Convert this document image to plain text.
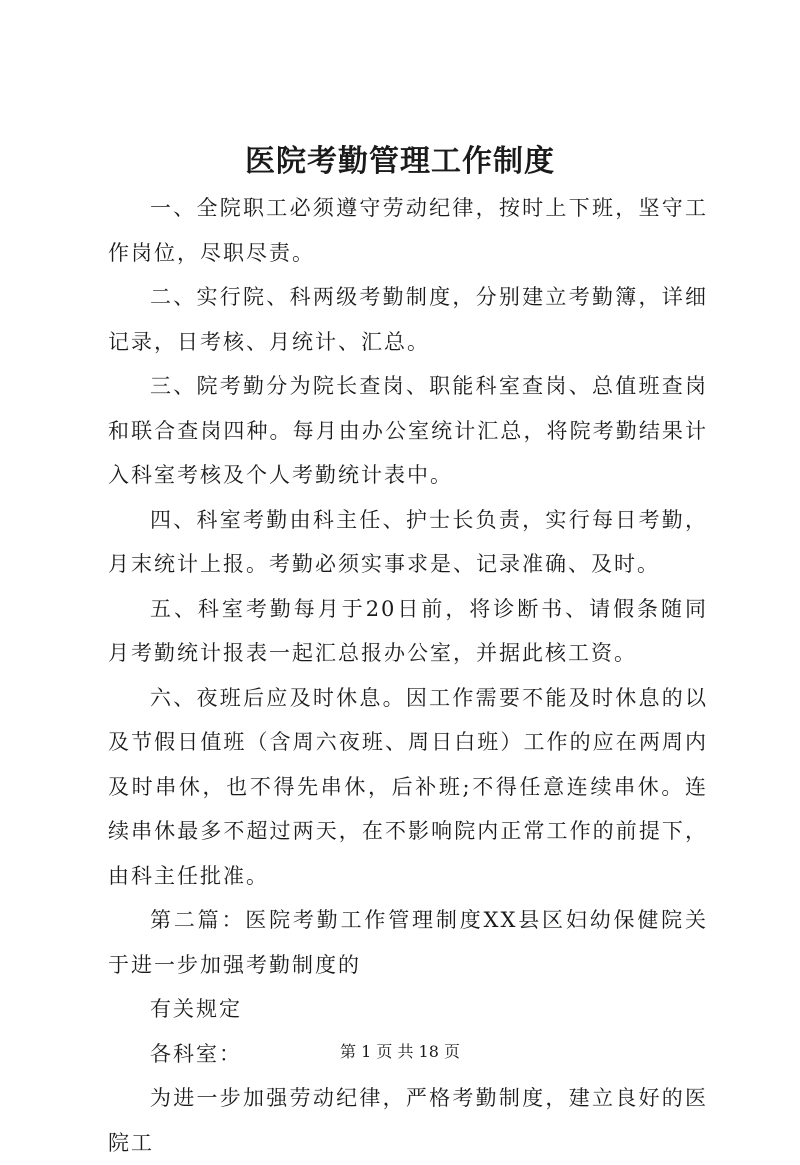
医院考勤管理工作制度

一、全院职工必须遵守劳动纪律，按时上下班，坚守工作岗位，尽职尽责。

二、实行院、科两级考勤制度，分别建立考勤簿，详细记录，日考核、月统计、汇总。

三、院考勤分为院长查岗、职能科室查岗、总值班查岗和联合查岗四种。每月由办公室统计汇总，将院考勤结果计入科室考核及个人考勤统计表中。

四、科室考勤由科主任、护士长负责，实行每日考勤，月末统计上报。考勤必须实事求是、记录准确、及时。

五、科室考勤每月于20日前，将诊断书、请假条随同月考勤统计报表一起汇总报办公室，并据此核工资。

六、夜班后应及时休息。因工作需要不能及时休息的以及节假日值班（含周六夜班、周日白班）工作的应在两周内及时串休，也不得先串休，后补班;不得任意连续串休。连续串休最多不超过两天，在不影响院内正常工作的前提下，由科主任批准。

第二篇：医院考勤工作管理制度XX县区妇幼保健院关于进一步加强考勤制度的

有关规定

各科室：

为进一步加强劳动纪律，严格考勤制度，建立良好的医院工

第 1 页 共 18 页
